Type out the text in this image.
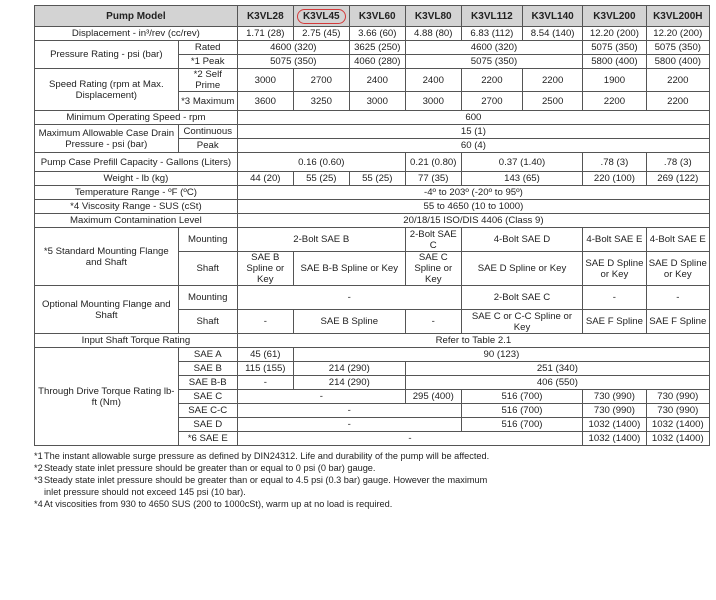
Pump Model		K3VL28	K3VL45	K3VL60	K3VL80	K3VL112	K3VL140	K3VL200	K3VL200H
Displacement - in³/rev (cc/rev)		1.71 (28)	2.75 (45)	3.66 (60)	4.88 (80)	6.83 (112)	8.54 (140)	12.20 (200)	12.20 (200)
Pressure Rating - psi (bar)	Rated	4600 (320)		3625 (250)	4600 (320)			5075 (350)	5075 (350)
	*1 Peak	5075 (350)		4060 (280)	5075 (350)			5800 (400)	5800 (400)
Speed Rating (rpm at Max. Displacement)	*2 Self Prime	3000	2700	2400	2400	2200	2200	1900	2200
	*3 Maximum	3600	3250	3000	3000	2700	2500	2200	2200
Minimum Operating Speed - rpm		600							
Maximum Allowable Case Drain Pressure - psi (bar)	Continuous	15 (1)							
	Peak	60 (4)							
Pump Case Prefill Capacity - Gallons (Liters)		0.16 (0.60)			0.21 (0.80)	0.37 (1.40)		.78 (3)	.78 (3)
Weight - lb (kg)		44 (20)	55 (25)	55 (25)	77 (35)	143 (65)		220 (100)	269 (122)
Temperature Range - ºF (ºC)		-4º to 203º (-20º to 95º)							
*4 Viscosity Range - SUS (cSt)		55 to 4650 (10 to 1000)							
Maximum Contamination Level		20/18/15 ISO/DIS 4406 (Class 9)							
*5 Standard Mounting Flange and Shaft	Mounting	2-Bolt SAE B			2-Bolt SAE C	4-Bolt SAE D		4-Bolt SAE E	4-Bolt SAE E
	Shaft	SAE B Spline or Key	SAE B-B Spline or Key		SAE C Spline or Key	SAE D Spline or Key		SAE D Spline or Key	SAE D Spline or Key
Optional Mounting Flange and Shaft	Mounting	-				2-Bolt SAE C		-	-
	Shaft	-	SAE B Spline		-	SAE C or C-C Spline or Key		SAE F Spline	SAE F Spline
Input Shaft Torque Rating		Refer to Table 2.1							
Through Drive Torque Rating lb-ft (Nm)	SAE A	45 (61)	90 (123)						
	SAE B	115 (155)	214 (290)		251 (340)				
	SAE B-B	-	214 (290)		406 (550)				
	SAE C	-			295 (400)	516 (700)		730 (990)	730 (990)
	SAE C-C	-				516 (700)		730 (990)	730 (990)
	SAE D	-				516 (700)		1032 (1400)	1032 (1400)
	*6 SAE E	-						1032 (1400)	1032 (1400)
*1 The instant allowable surge pressure as defined by DIN24312. Life and durability of the pump will be affected.
*2 Steady state inlet pressure should be greater than or equal to 0 psi (0 bar) gauge.
*3 Steady state inlet pressure should be greater than or equal to 4.5 psi (0.3 bar) gauge. However the maximum
inlet pressure should not exceed 145 psi (10 bar).
*4 At viscosities from 930 to 4650 SUS (200 to 1000cSt), warm up at no load is required.
